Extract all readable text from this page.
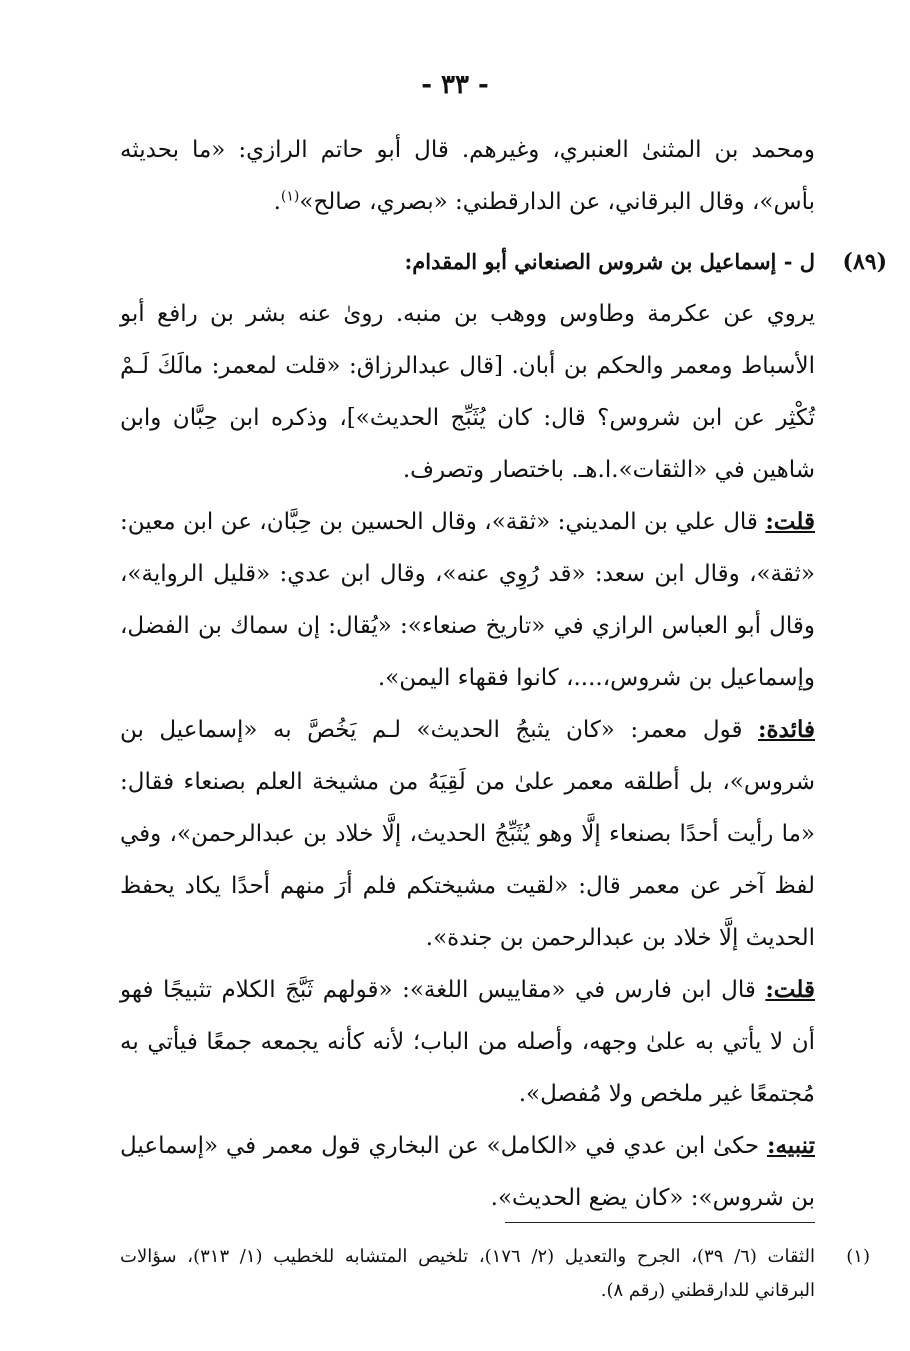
- ٣٣ -

ومحمد بن المثنىٰ العنبري، وغيرهم. قال أبو حاتم الرازي: «ما بحديثه بأس»، وقال البرقاني، عن الدارقطني: «بصري، صالح»$^{(١)}$.

(٨٩)
ل - إسماعيل بن شروس الصنعاني أبو المقدام:

يروي عن عكرمة وطاوس ووهب بن منبه. روىٰ عنه بشر بن رافع أبو الأسباط ومعمر والحكم بن أبان. [قال عبدالرزاق: «قلت لمعمر: مالَكَ لَـمْ تُكْثِر عن ابن شروس؟ قال: كان يُثَبِّج الحديث»]، وذكره ابن حِبَّان وابن شاهين في «الثقات».ا.هـ. باختصار وتصرف.

قلت: قال علي بن المديني: «ثقة»، وقال الحسين بن حِبَّان، عن ابن معين: «ثقة»، وقال ابن سعد: «قد رُوِي عنه»، وقال ابن عدي: «قليل الرواية»، وقال أبو العباس الرازي في «تاريخ صنعاء»: «يُقال: إن سماك بن الفضل، وإسماعيل بن شروس،....، كانوا فقهاء اليمن».

فائدة: قول معمر: «كان يثبجُ الحديث» لـم يَخُصَّ به «إسماعيل بن شروس»، بل أطلقه معمر علىٰ من لَقِيَهُ من مشيخة العلم بصنعاء فقال: «ما رأيت أحدًا بصنعاء إلَّا وهو يُثَبِّجُ الحديث، إلَّا خلاد بن عبدالرحمن»، وفي لفظ آخر عن معمر قال: «لقيت مشيختكم فلم أرَ منهم أحدًا يكاد يحفظ الحديث إلَّا خلاد بن عبدالرحمن بن جندة».

قلت: قال ابن فارس في «مقاييس اللغة»: «قولهم ثَبَّجَ الكلام تثبيجًا فهو أن لا يأتي به علىٰ وجهه، وأصله من الباب؛ لأنه كأنه يجمعه جمعًا فيأتي به مُجتمعًا غير ملخص ولا مُفصل».

تنبيه: حكىٰ ابن عدي في «الكامل» عن البخاري قول معمر في «إسماعيل بن شروس»: «كان يضع الحديث».

(١)
الثقات (٦/ ٣٩)، الجرح والتعديل (٢/ ١٧٦)، تلخيص المتشابه للخطيب (١/ ٣١٣)، سؤالات البرقاني للدارقطني (رقم ٨).
